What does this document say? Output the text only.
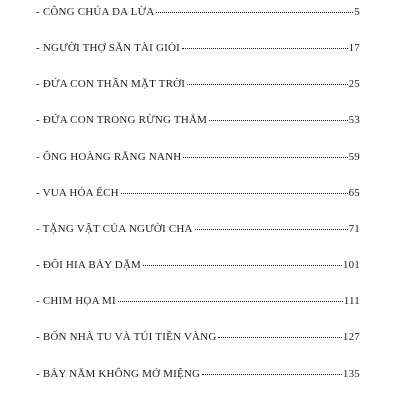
- CÔNG CHÚA DA LỪA	5
- NGƯỜI THỢ SĂN TÀI GIỎI	17
- ĐỨA CON THẦN MẶT TRỜI	25
- ĐỨA CON TRONG RỪNG THẲM	53
- ÔNG HOÀNG RĂNG NANH	59
- VUA HÓA ẾCH	65
- TẶNG VẬT CỦA NGƯỜI CHA	71
- ĐÔI HIA BẢY DẶM	101
- CHIM HỌA MI	111
- BỐN NHÀ TU VÀ TÚI TIỀN VÀNG	127
- BẢY NĂM KHÔNG MỞ MIỆNG	135
